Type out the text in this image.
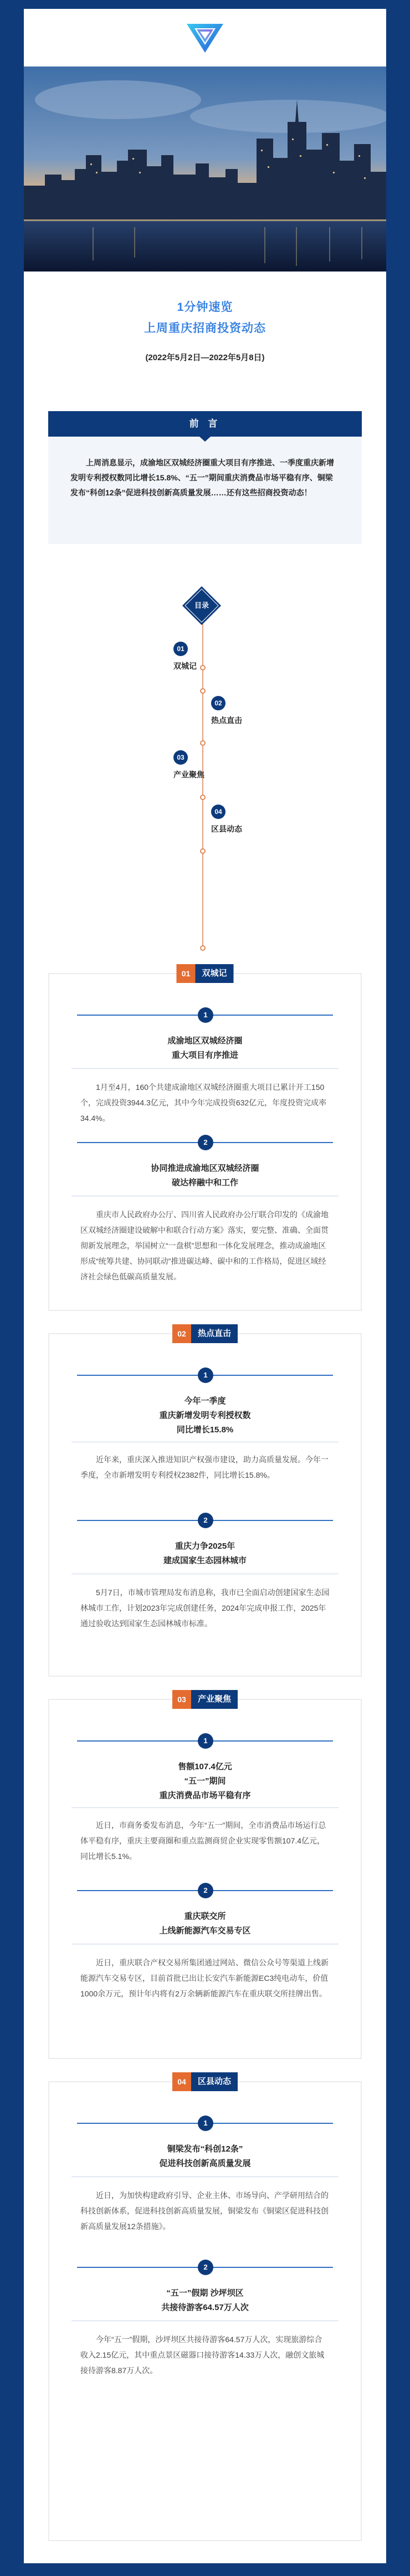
1分钟速览
上周重庆招商投资动态
(2022年5月2日—2022年5月8日)
前 言
上周消息显示，成渝地区双城经济圈重大项目有序推进、一季度重庆新增发明专利授权数同比增长15.8%、“五一”期间重庆消费品市场平稳有序、铜梁发布“科创12条”促进科技创新高质量发展……还有这些招商投资动态！
目录
01
双城记
02
热点直击
03
产业聚焦
04
区县动态
01	双城记
1
成渝地区双城经济圈
重大项目有序推进
1月至4月，160个共建成渝地区双城经济圈重大项目已累计开工150个，完成投资3944.3亿元，其中今年完成投资632亿元，年度投资完成率34.4%。
2
协同推进成渝地区双城经济圈
破达梓融中和工作
重庆市人民政府办公厅、四川省人民政府办公厅联合印发的《成渝地区双城经济圈建设破解中和联合行动方案》落实，要完整、准确、全面贯彻新发展理念，举国树立“一盘棋”思想和一体化发展理念，推动成渝地区形成“统筹共建、协同联动”推进碳达峰、碳中和的工作格局，促进区域经济社会绿色低碳高质量发展。
02	热点直击
1
今年一季度
重庆新增发明专利授权数
同比增长15.8%
近年来，重庆深入推进知识产权强市建设，助力高质量发展。今年一季度，全市新增发明专利授权2382件，同比增长15.8%。
2
重庆力争2025年
建成国家生态园林城市
5月7日，市城市管理局发布消息称，我市已全面启动创建国家生态园林城市工作，计划2023年完成创建任务，2024年完成申报工作，2025年通过验收达到国家生态园林城市标准。
03	产业聚焦
1
售额107.4亿元
“五一”期间
重庆消费品市场平稳有序
近日，市商务委发布消息，今年“五一”期间，全市消费品市场运行总体平稳有序，重庆主要商圈和重点监测商贸企业实现零售额107.4亿元，同比增长5.1%。
2
重庆联交所
上线新能源汽车交易专区
近日，重庆联合产权交易所集团通过网站、微信公众号等渠道上线新能源汽车交易专区，目前首批已出让长安汽车新能源EC3纯电动车，价值1000余万元，预计年内将有2万余辆新能源汽车在重庆联交所挂牌出售。
04	区县动态
1
铜梁发布“科创12条”
促进科技创新高质量发展
近日，为加快构建政府引导、企业主体、市场导向、产学研用结合的科技创新体系，促进科技创新高质量发展，铜梁发布《铜梁区促进科技创新高质量发展12条措施》。
2
“五一”假期 沙坪坝区
共接待游客64.57万人次
今年“五一”假期，沙坪坝区共接待游客64.57万人次，实现旅游综合收入2.15亿元，其中重点景区磁器口接待游客14.33万人次，融创文旅城接待游客8.87万人次。
